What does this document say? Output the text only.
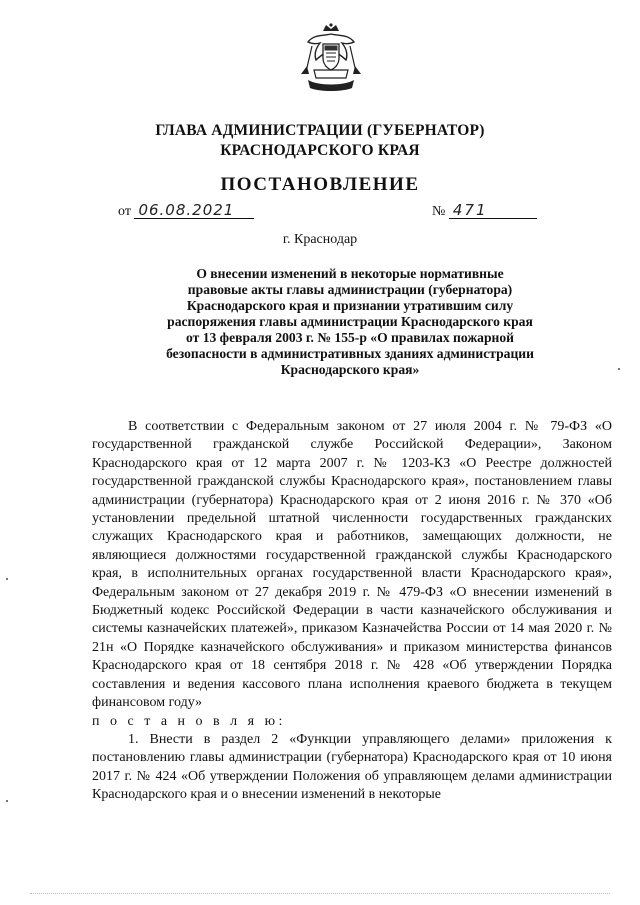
ГЛАВА АДМИНИСТРАЦИИ (ГУБЕРНАТОР)
КРАСНОДАРСКОГО КРАЯ
ПОСТАНОВЛЕНИЕ
от 06.08.2021	№ 471
г. Краснодар
О внесении изменений в некоторые нормативные
правовые акты главы администрации (губернатора)
Краснодарского края и признании утратившим силу
распоряжения главы администрации Краснодарского края
от 13 февраля 2003 г. № 155-р «О правилах пожарной
безопасности в административных зданиях администрации
Краснодарского края»

В соответствии с Федеральным законом от 27 июля 2004 г. № 79-ФЗ «О государственной гражданской службе Российской Федерации», Законом Краснодарского края от 12 марта 2007 г. № 1203-КЗ «О Реестре должностей государственной гражданской службы Краснодарского края», постановлением главы администрации (губернатора) Краснодарского края от 2 июня 2016 г. № 370 «Об установлении предельной штатной численности государственных гражданских служащих Краснодарского края и работников, замещающих должности, не являющиеся должностями государственной гражданской службы Краснодарского края, в исполнительных органах государственной власти Краснодарского края», Федеральным законом от 27 декабря 2019 г. № 479-ФЗ «О внесении изменений в Бюджетный кодекс Российской Федерации в части казначейского обслуживания и системы казначейских платежей», приказом Казначейства России от 14 мая 2020 г. № 21н «О Порядке казначейского обслуживания» и приказом министерства финансов Краснодарского края от 18 сентября 2018 г. № 428 «Об утверждении Порядка составления и ведения кассового плана исполнения краевого бюджета в текущем финансовом году»

п о с т а н о в л я ю:

1. Внести в раздел 2 «Функции управляющего делами» приложения к постановлению главы администрации (губернатора) Краснодарского края от 10 июня 2017 г. № 424 «Об утверждении Положения об управляющем делами администрации Краснодарского края и о внесении изменений в некоторые
